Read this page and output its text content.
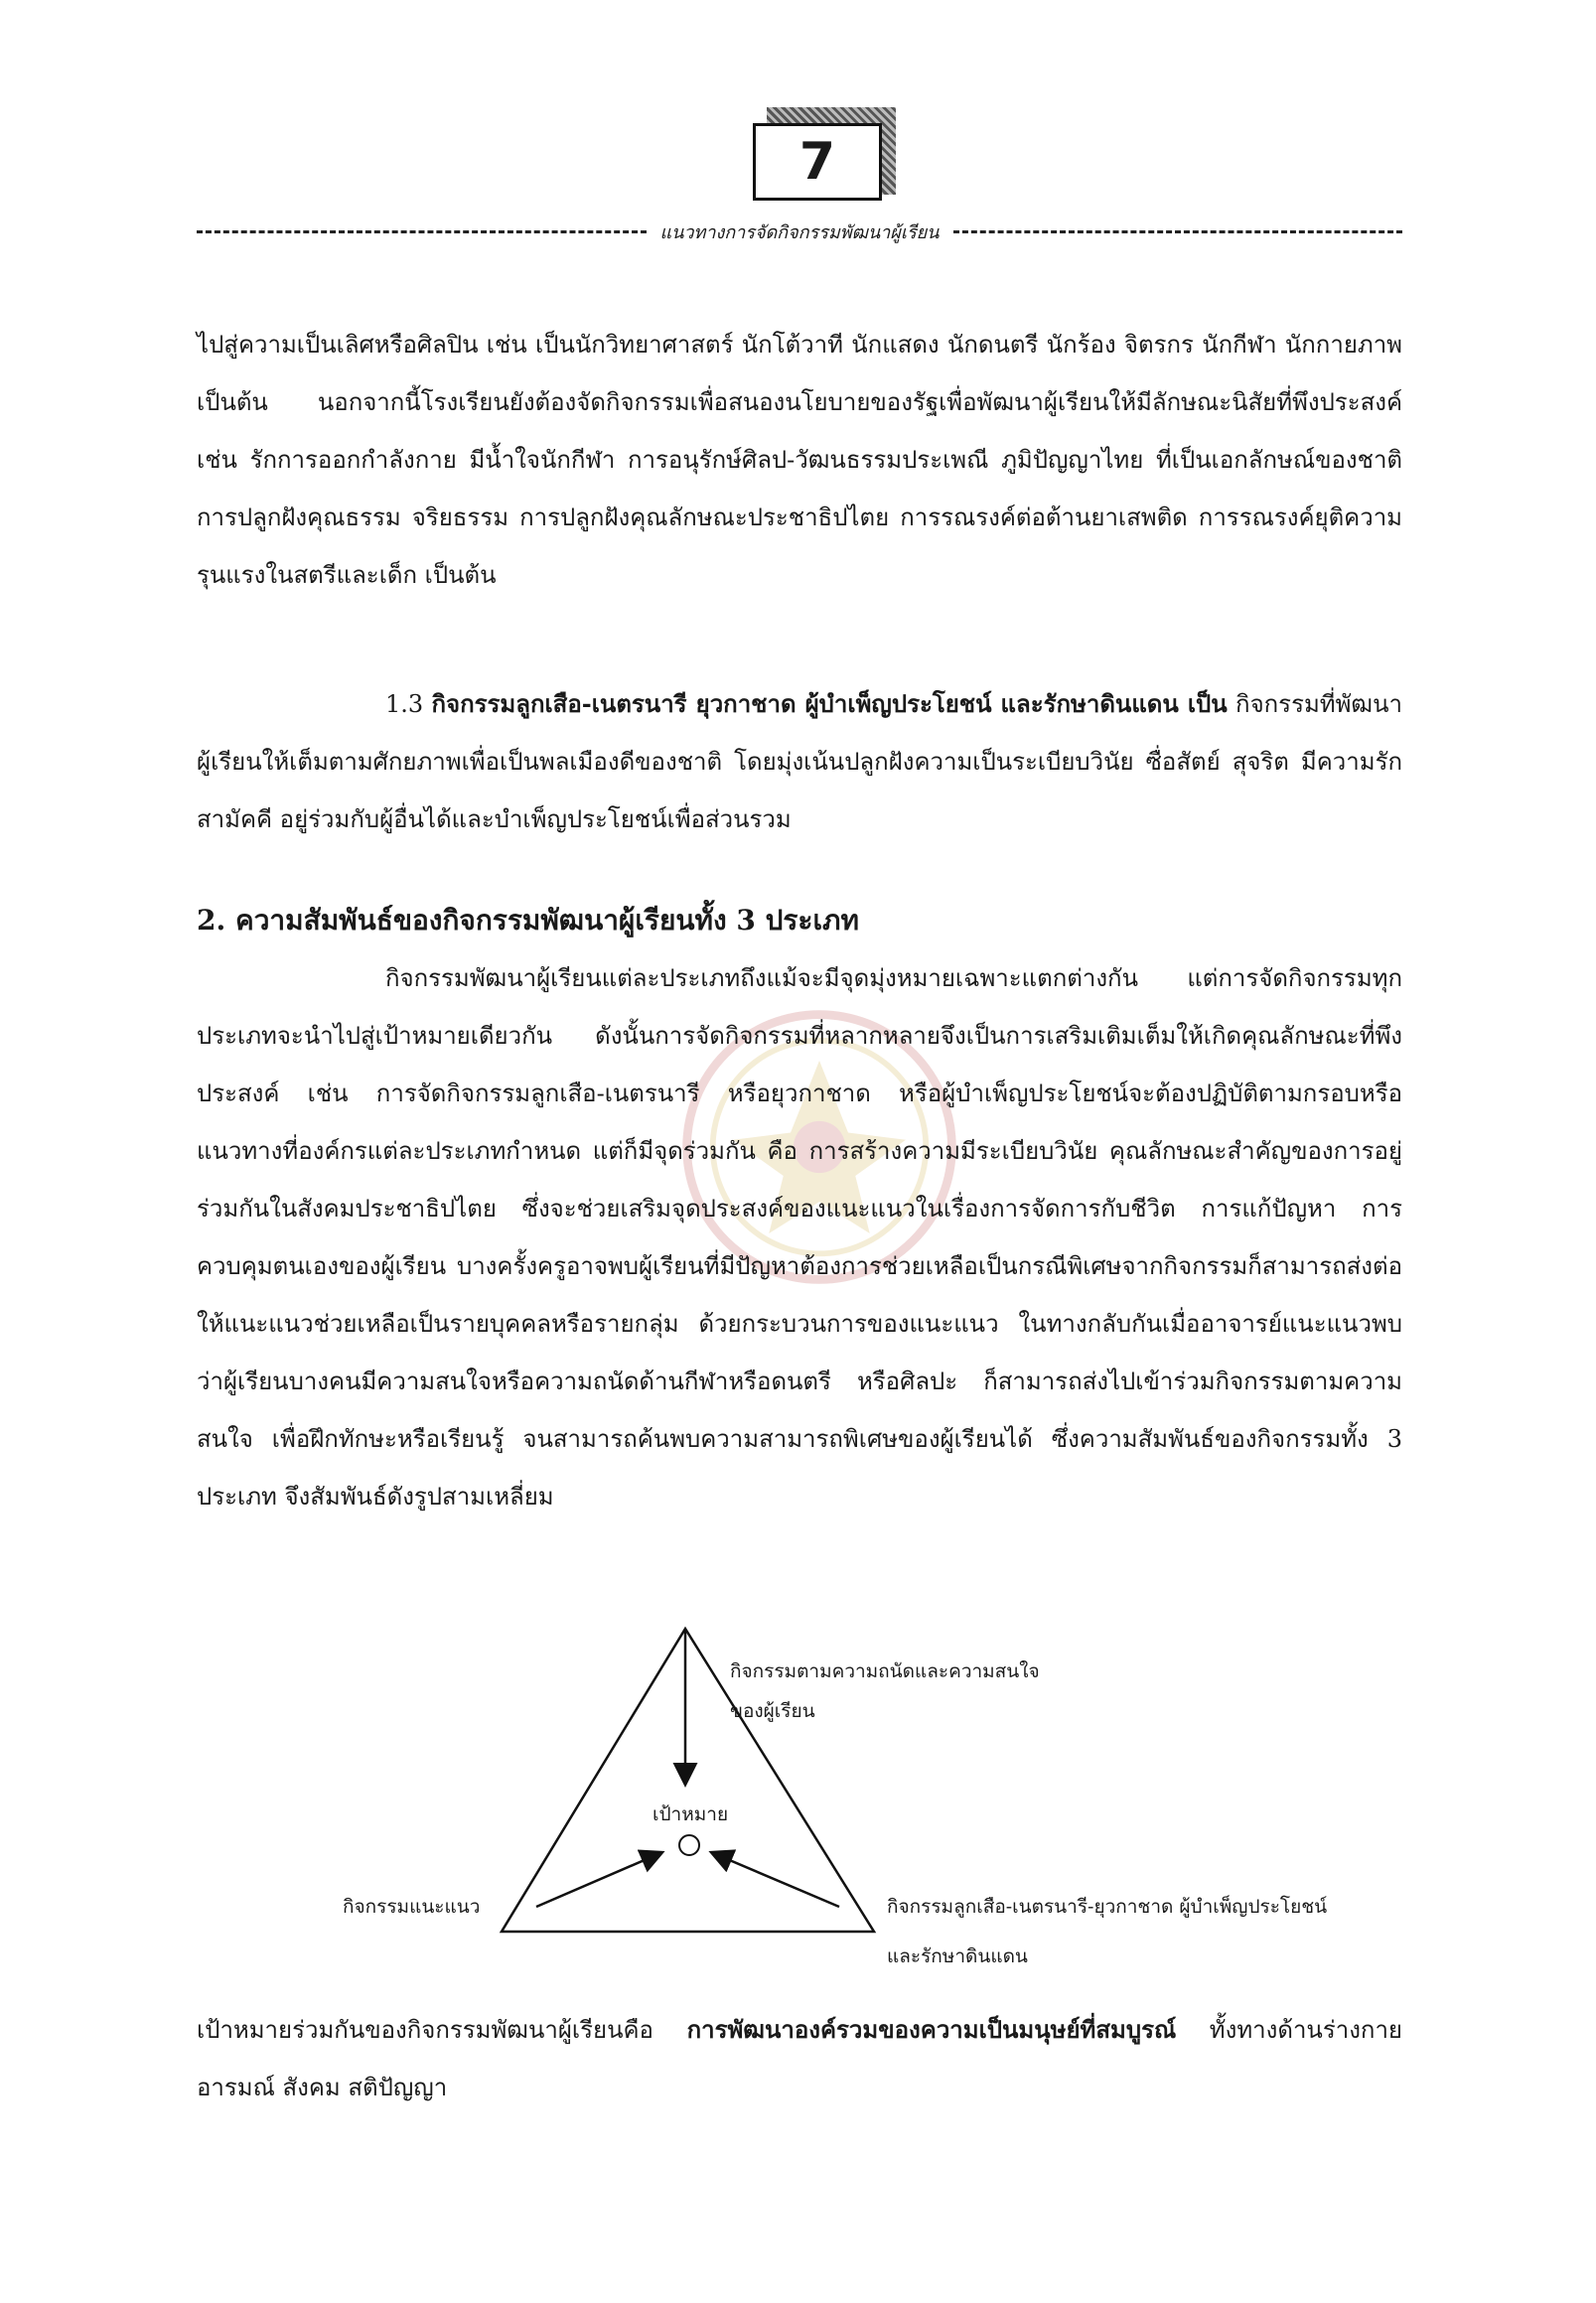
7
แนวทางการจัดกิจกรรมพัฒนาผู้เรียน
ไปสู่ความเป็นเลิศหรือศิลปิน เช่น เป็นนักวิทยาศาสตร์ นักโต้วาที นักแสดง นักดนตรี นักร้อง จิตรกร นักกีฬา นักกายภาพ เป็นต้น นอกจากนี้โรงเรียนยังต้องจัดกิจกรรมเพื่อสนองนโยบายของรัฐเพื่อพัฒนาผู้เรียนให้มีลักษณะนิสัยที่พึงประสงค์ เช่น รักการออกกำลังกาย มีน้ำใจนักกีฬา การอนุรักษ์ศิลป-วัฒนธรรมประเพณี ภูมิปัญญาไทย ที่เป็นเอกลักษณ์ของชาติ การปลูกฝังคุณธรรม จริยธรรม การปลูกฝังคุณลักษณะประชาธิปไตย การรณรงค์ต่อต้านยาเสพติด การรณรงค์ยุติความรุนแรงในสตรีและเด็ก เป็นต้น
1.3 กิจกรรมลูกเสือ-เนตรนารี ยุวกาชาด ผู้บำเพ็ญประโยชน์ และรักษาดินแดน เป็น กิจกรรมที่พัฒนาผู้เรียนให้เต็มตามศักยภาพเพื่อเป็นพลเมืองดีของชาติ โดยมุ่งเน้นปลูกฝังความเป็นระเบียบวินัย ซื่อสัตย์ สุจริต มีความรักสามัคคี อยู่ร่วมกับผู้อื่นได้และบำเพ็ญประโยชน์เพื่อส่วนรวม
2. ความสัมพันธ์ของกิจกรรมพัฒนาผู้เรียนทั้ง 3 ประเภท
กิจกรรมพัฒนาผู้เรียนแต่ละประเภทถึงแม้จะมีจุดมุ่งหมายเฉพาะแตกต่างกัน แต่การจัดกิจกรรมทุกประเภทจะนำไปสู่เป้าหมายเดียวกัน ดังนั้นการจัดกิจกรรมที่หลากหลายจึงเป็นการเสริมเติมเต็มให้เกิดคุณลักษณะที่พึงประสงค์ เช่น การจัดกิจกรรมลูกเสือ-เนตรนารี หรือยุวกาชาด หรือผู้บำเพ็ญประโยชน์จะต้องปฏิบัติตามกรอบหรือแนวทางที่องค์กรแต่ละประเภทกำหนด แต่ก็มีจุดร่วมกัน คือ การสร้างความมีระเบียบวินัย คุณลักษณะสำคัญของการอยู่ร่วมกันในสังคมประชาธิปไตย ซึ่งจะช่วยเสริมจุดประสงค์ของแนะแนวในเรื่องการจัดการกับชีวิต การแก้ปัญหา การควบคุมตนเองของผู้เรียน บางครั้งครูอาจพบผู้เรียนที่มีปัญหาต้องการช่วยเหลือเป็นกรณีพิเศษจากกิจกรรมก็สามารถส่งต่อให้แนะแนวช่วยเหลือเป็นรายบุคคลหรือรายกลุ่ม ด้วยกระบวนการของแนะแนว ในทางกลับกันเมื่ออาจารย์แนะแนวพบว่าผู้เรียนบางคนมีความสนใจหรือความถนัดด้านกีฬาหรือดนตรี หรือศิลปะ ก็สามารถส่งไปเข้าร่วมกิจกรรมตามความสนใจ เพื่อฝึกทักษะหรือเรียนรู้ จนสามารถค้นพบความสามารถพิเศษของผู้เรียนได้ ซึ่งความสัมพันธ์ของกิจกรรมทั้ง 3 ประเภท จึงสัมพันธ์ดังรูปสามเหลี่ยม
กิจกรรมตามความถนัดและความสนใจ
ของผู้เรียน
เป้าหมาย
กิจกรรมแนะแนว	กิจกรรมลูกเสือ-เนตรนารี-ยุวกาชาด ผู้บำเพ็ญประโยชน์
และรักษาดินแดน
เป้าหมายร่วมกันของกิจกรรมพัฒนาผู้เรียนคือ การพัฒนาองค์รวมของความเป็นมนุษย์ที่สมบูรณ์ ทั้งทางด้านร่างกาย อารมณ์ สังคม สติปัญญา
